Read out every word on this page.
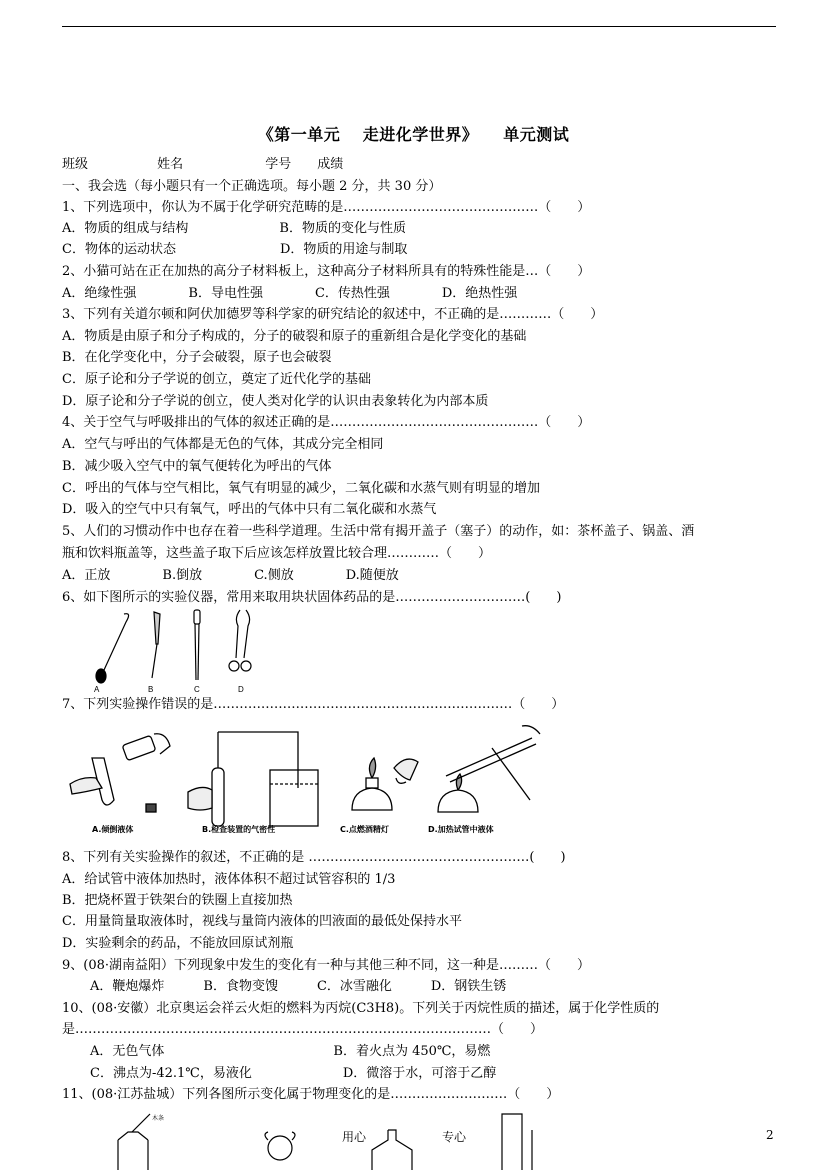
《第一单元　 走进化学世界》　　单元测试
班级　　　　　 姓名　　　　　　 学号　　成绩
一、我会选（每小题只有一个正确选项。每小题 2 分，共 30 分）
1、下列选项中，你认为不属于化学研究范畴的是………………………………………（　　）
A．物质的组成与结构　　　　　　　B．物质的变化与性质
C．物体的运动状态　　　　　　　　D．物质的用途与制取
2、小猫可站在正在加热的高分子材料板上，这种高分子材料所具有的特殊性能是…（　　）
A．绝缘性强　　　　B．导电性强　　　　C．传热性强　　　　D．绝热性强
3、下列有关道尔顿和阿伏加德罗等科学家的研究结论的叙述中，不正确的是…………（　　）
A．物质是由原子和分子构成的，分子的破裂和原子的重新组合是化学变化的基础
B．在化学变化中，分子会破裂，原子也会破裂
C．原子论和分子学说的创立，奠定了近代化学的基础
D．原子论和分子学说的创立，使人类对化学的认识由表象转化为内部本质
4、关于空气与呼吸排出的气体的叙述正确的是…………………………………………（　　）
A．空气与呼出的气体都是无色的气体，其成分完全相同
B．减少吸入空气中的氧气便转化为呼出的气体
C．呼出的气体与空气相比，氧气有明显的减少，二氧化碳和水蒸气则有明显的增加
D．吸入的空气中只有氧气，呼出的气体中只有二氧化碳和水蒸气
5、人们的习惯动作中也存在着一些科学道理。生活中常有揭开盖子（塞子）的动作，如：茶杯盖子、锅盖、酒
瓶和饮料瓶盖等，这些盖子取下后应该怎样放置比较合理…………（　　）
A．正放　　　　B.倒放　　　　C.侧放　　　　D.随便放
6、如下图所示的实验仪器，常用来取用块状固体药品的是…………………………(　　)
A	B	C	D
7、下列实验操作错误的是……………………………………………………………（　　）
A.倾倒液体	B.检查装置的气密性	C.点燃酒精灯	D.加热试管中液体
8、下列有关实验操作的叙述，不正确的是 ……………………………………………(　　)
A．给试管中液体加热时，液体体积不超过试管容积的 1/3
B．把烧杯置于铁架台的铁圈上直接加热
C．用量筒量取液体时，视线与量筒内液体的凹液面的最低处保持水平
D．实验剩余的药品，不能放回原试剂瓶
9、(08·湖南益阳）下列现象中发生的变化有一种与其他三种不同，这一种是………（　　）
A．鞭炮爆炸　　　B．食物变馊　　　C．冰雪融化　　　D．钢铁生锈
10、(08·安徽）北京奥运会祥云火炬的燃料为丙烷(C3H8)。下列关于丙烷性质的描述，属于化学性质的
是……………………………………………………………………………………（　　）
A．无色气体　　　　　　　　　　　　　B．着火点为 450℃，易燃
C．沸点为-42.1℃，易液化　　　　　　　D．微溶于水，可溶于乙醇
11、(08·江苏盐城）下列各图所示变化属于物理变化的是………………………（　　）
木条
用心	专心	2
